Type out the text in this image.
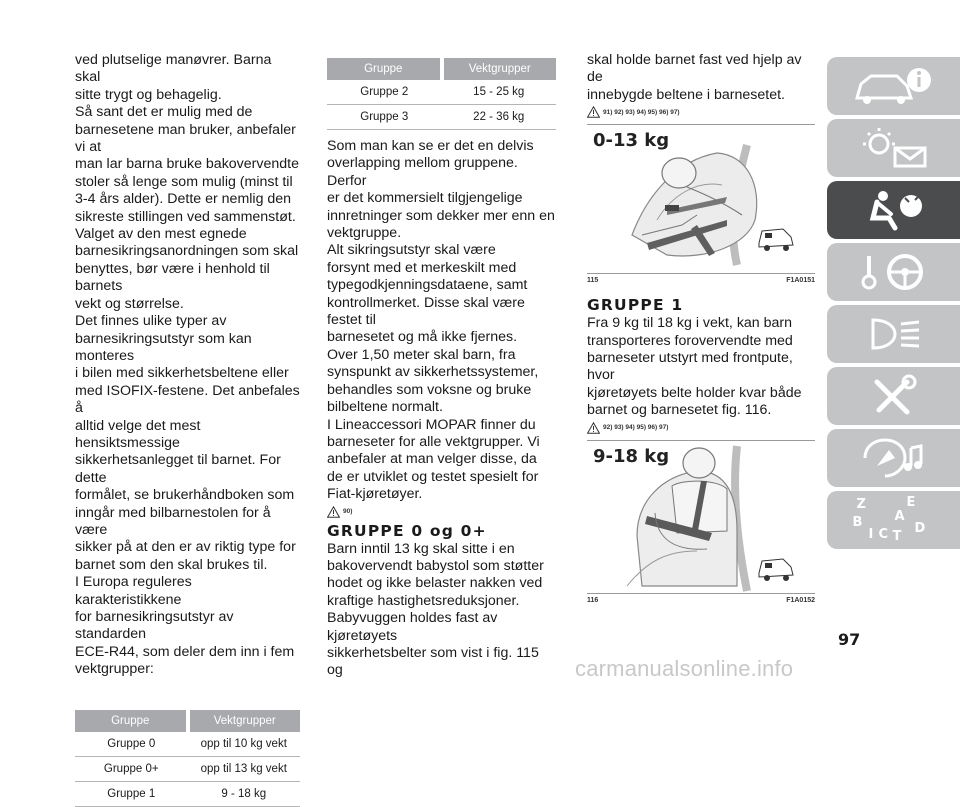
ved plutselige manøvrer. Barna skal
sitte trygt og behagelig.
Så sant det er mulig med de
barnesetene man bruker, anbefaler vi at
man lar barna bruke bakovervendte
stoler så lenge som mulig (minst til
3-4 års alder). Dette er nemlig den
sikreste stillingen ved sammenstøt.
Valget av den mest egnede
barnesikringsanordningen som skal
benyttes, bør være i henhold til barnets
vekt og størrelse.
Det finnes ulike typer av
barnesikringsutstyr som kan monteres
i bilen med sikkerhetsbeltene eller
med ISOFIX-festene. Det anbefales å
alltid velge det mest hensiktsmessige
sikkerhetsanlegget til barnet. For dette
formålet, se brukerhåndboken som
inngår med bilbarnestolen for å være
sikker på at den er av riktig type for
barnet som den skal brukes til.
I Europa reguleres karakteristikkene
for barnesikringsutstyr av standarden
ECE-R44, som deler dem inn i fem
vektgrupper:

Gruppe	Vektgrupper
Gruppe 0	opp til 10 kg vekt
Gruppe 0+	opp til 13 kg vekt
Gruppe 1	9 - 18 kg
Gruppe	Vektgrupper
Gruppe 2	15 - 25 kg
Gruppe 3	22 - 36 kg

Som man kan se er det en delvis
overlapping mellom gruppene. Derfor
er det kommersielt tilgjengelige
innretninger som dekker mer enn en
vektgruppe.
Alt sikringsutstyr skal være
forsynt med et merkeskilt med
typegodkjenningsdataene, samt
kontrollmerket. Disse skal være festet til
barnesetet og må ikke fjernes.
Over 1,50 meter skal barn, fra
synspunkt av sikkerhetssystemer,
behandles som voksne og bruke
bilbeltene normalt.
I Lineaccessori MOPAR finner du
barneseter for alle vektgrupper. Vi
anbefaler at man velger disse, da
de er utviklet og testet spesielt for
Fiat-kjøretøyer.

90)
GRUPPE 0 og 0+

Barn inntil 13 kg skal sitte i en
bakovervendt babystol som støtter
hodet og ikke belaster nakken ved
kraftige hastighetsreduksjoner.
Babyvuggen holdes fast av kjøretøyets
sikkerhetsbelter som vist i fig. 115 og

skal holde barnet fast ved hjelp av de
innebygde beltene i barnesetet.

91) 92) 93) 94) 95) 96) 97)
0-13 kg
115	F1A0151
GRUPPE 1

Fra 9 kg til 18 kg i vekt, kan barn
transporteres forovervendte med
barneseter utstyrt med frontpute, hvor
kjøretøyets belte holder kvar både
barnet og barnesetet fig. 116.

92) 93) 94) 95) 96) 97)
9-18 kg
116	F1A0152
Z	E
A
B	D
I C T
97
carmanualsonline.info
